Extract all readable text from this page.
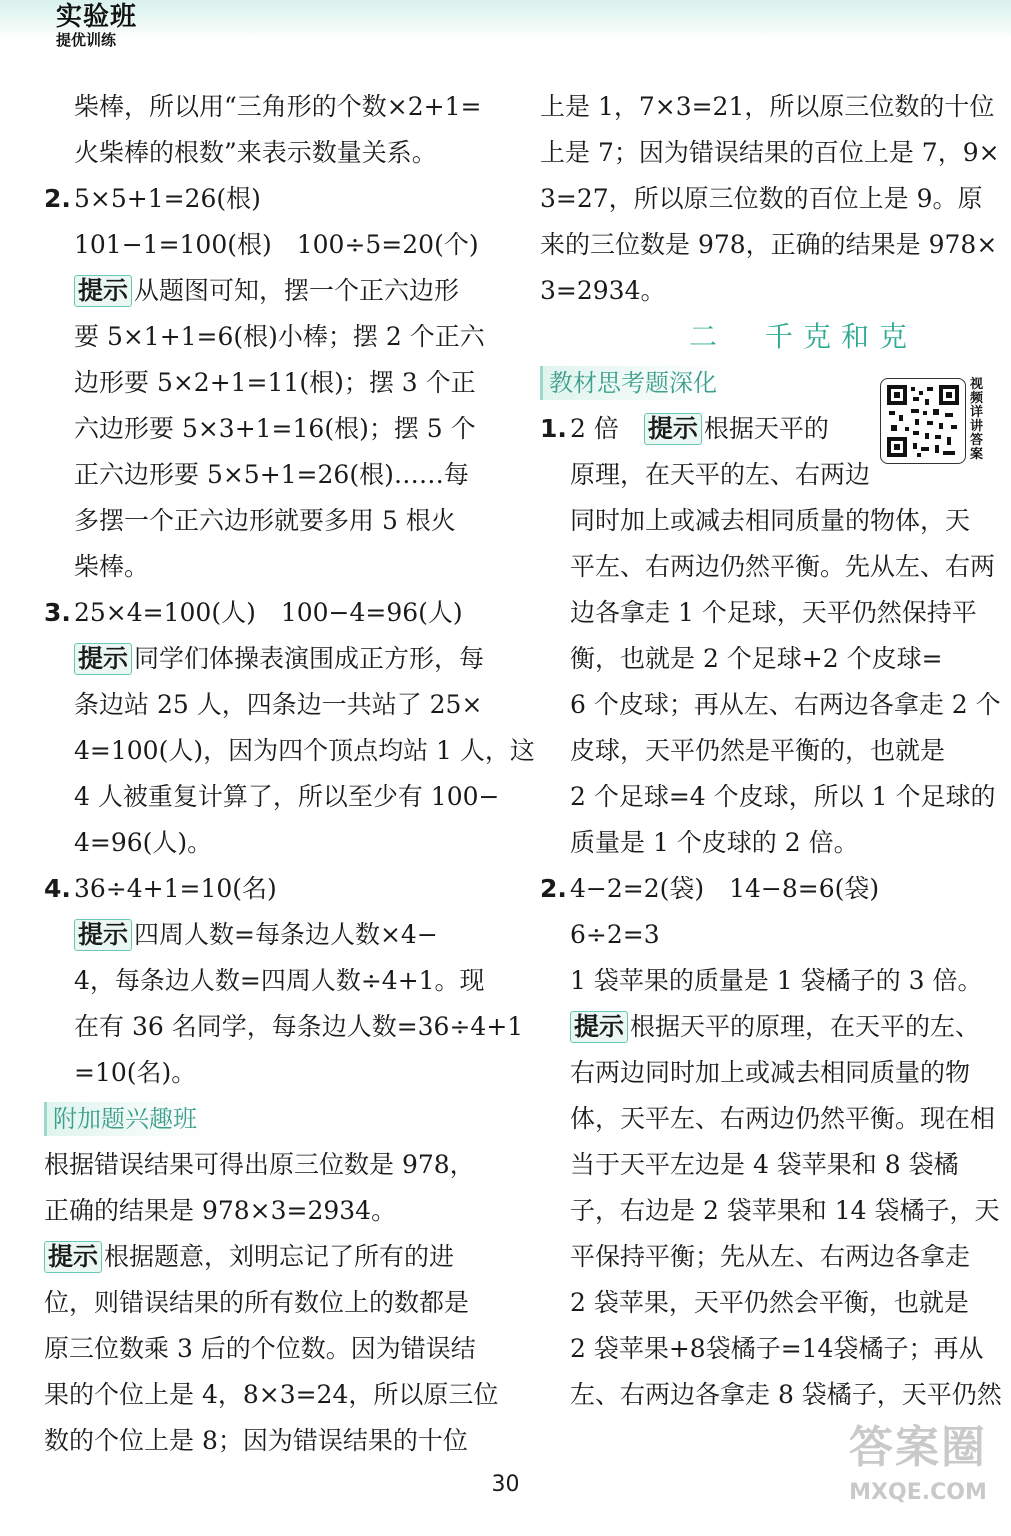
实验班
提优训练
柴棒，所以用“三角形的个数×2+1=
火柴棒的根数”来表示数量关系。
2. 5×5+1=26(根)
101−1=100(根)　100÷5=20(个)
提示 从题图可知，摆一个正六边形
要 5×1+1=6(根)小棒；摆 2 个正六
边形要 5×2+1=11(根)；摆 3 个正
六边形要 5×3+1=16(根)；摆 5 个
正六边形要 5×5+1=26(根)……每
多摆一个正六边形就要多用 5 根火
柴棒。
3. 25×4=100(人)　100−4=96(人)
提示 同学们体操表演围成正方形，每
条边站 25 人，四条边一共站了 25×
4=100(人)，因为四个顶点均站 1 人，这
4 人被重复计算了，所以至少有 100−
4=96(人)。
4. 36÷4+1=10(名)
提示 四周人数=每条边人数×4−
4，每条边人数=四周人数÷4+1。现
在有 36 名同学，每条边人数=36÷4+1
=10(名)。
附加题兴趣班
根据错误结果可得出原三位数是 978，
正确的结果是 978×3=2934。
提示 根据题意，刘明忘记了所有的进
位，则错误结果的所有数位上的数都是
原三位数乘 3 后的个位数。因为错误结
果的个位上是 4，8×3=24，所以原三位
数的个位上是 8；因为错误结果的十位
上是 1，7×3=21，所以原三位数的十位
上是 7；因为错误结果的百位上是 7，9×
3=27，所以原三位数的百位上是 9。原
来的三位数是 978，正确的结果是 978×
3=2934。
二　千克和克
教材思考题深化
1. 2 倍　提示 根据天平的
原理，在天平的左、右两边
同时加上或减去相同质量的物体，天
平左、右两边仍然平衡。先从左、右两
边各拿走 1 个足球，天平仍然保持平
衡，也就是 2 个足球+2 个皮球=
6 个皮球；再从左、右两边各拿走 2 个
皮球，天平仍然是平衡的，也就是
2 个足球=4 个皮球，所以 1 个足球的
质量是 1 个皮球的 2 倍。
2. 4−2=2(袋)　14−8=6(袋)
6÷2=3
1 袋苹果的质量是 1 袋橘子的 3 倍。
提示 根据天平的原理，在天平的左、
右两边同时加上或减去相同质量的物
体，天平左、右两边仍然平衡。现在相
当于天平左边是 4 袋苹果和 8 袋橘
子，右边是 2 袋苹果和 14 袋橘子，天
平保持平衡；先从左、右两边各拿走
2 袋苹果，天平仍然会平衡，也就是
2 袋苹果+8袋橘子=14袋橘子；再从
左、右两边各拿走 8 袋橘子，天平仍然
视频详讲答案
30
答案圈
MXQE.COM
